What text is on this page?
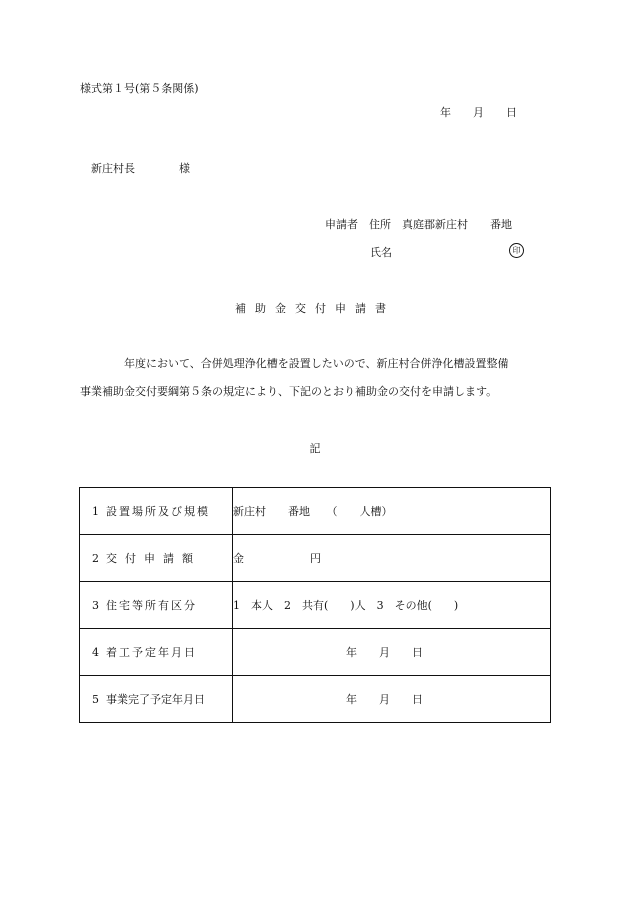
様式第１号(第５条関係)
年　　月　　日
新庄村長　　　　様
申請者　住所　真庭郡新庄村　　番地
氏名	印
補助金交付申請書
年度において、合併処理浄化槽を設置したいので、新庄村合併浄化槽設置整備
事業補助金交付要綱第５条の規定により、下記のとおり補助金の交付を申請します。
記
1 設置場所及び規模	新庄村　　番地　　（　　人槽）
2 交付申請額	金　　　　　　円
3 住宅等所有区分	1　本人　2　共有(　　)人　3　その他(　　)
4 着工予定年月日	年　　月　　日
5 事業完了予定年月日	年　　月　　日
